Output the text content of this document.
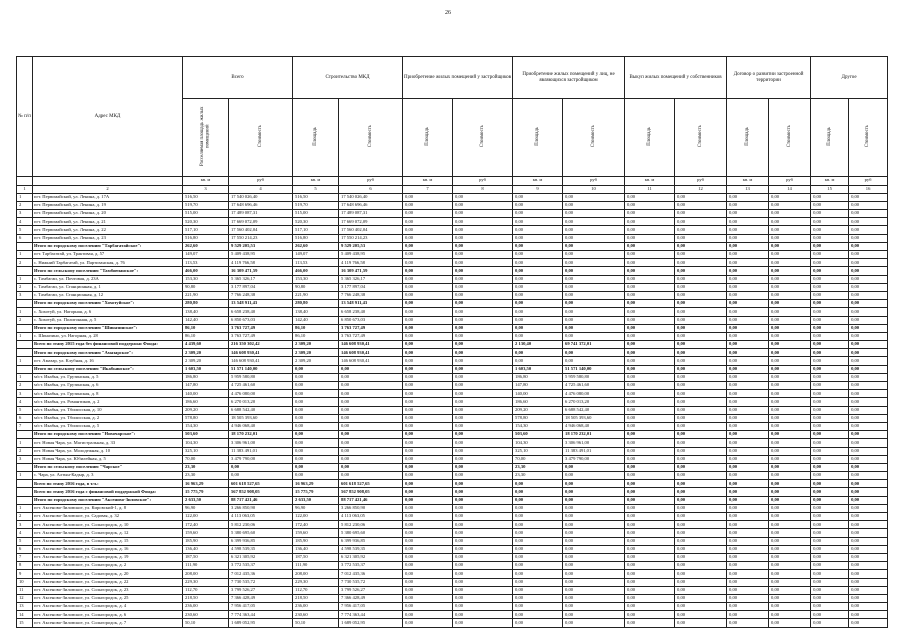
26
№ п/п	Адрес МКД	Всего		Строительство МКД		Приобретение жилых помещений у застройщиков		Приобретение жилых помещений у лиц, не являющихся застройщиком		Выкуп жилых помещений у собственников		Договор о развитии застроенной территории		Другое	
		Расселяемая площадь жилых помещений	Стоимость	Площадь	Стоимость	Площадь	Стоимость	Площадь	Стоимость	Площадь	Стоимость	Площадь	Стоимость	Площадь	Стоимость
		кв. м	руб	кв. м	руб	кв. м	руб	кв. м	руб	кв. м	руб	кв. м	руб	кв. м	руб
1	2	3	4	5	6	7	8	9	10	11	12	13	14	15	16
1	пгт. Первомайский, ул. Ленина, д. 17А	516,50	17 540 026,40	516,50	17 540 026,40	0,00	0,00	0,00	0,00	0,00	0,00	0,00	0,00	0,00	0,00
2	пгт. Первомайский, ул. Ленина, д. 19	519,70	17 648 696,46	519,70	17 648 696,46	0,00	0,00	0,00	0,00	0,00	0,00	0,00	0,00	0,00	0,00
3	пгт. Первомайский, ул. Ленина, д. 20	515,00	17 489 087,31	515,00	17 489 087,31	0,00	0,00	0,00	0,00	0,00	0,00	0,00	0,00	0,00	0,00
4	пгт. Первомайский, ул. Ленина, д. 21	520,30	17 669 072,09	520,30	17 669 072,09	0,00	0,00	0,00	0,00	0,00	0,00	0,00	0,00	0,00	0,00
5	пгт. Первомайский, ул. Ленина, д. 22	517,10	17 560 402,04	517,10	17 560 402,04	0,00	0,00	0,00	0,00	0,00	0,00	0,00	0,00	0,00	0,00
6	пгт. Первомайский, ул. Ленина, д. 23	516,80	17 550 214,23	516,80	17 550 214,23	0,00	0,00	0,00	0,00	0,00	0,00	0,00	0,00	0,00	0,00
	Итого по городскому поселению "Тарбагатайское":	262,60	9 529 205,53	262,60	9 529 205,53	0,00	0,00	0,00	0,00	0,00	0,00	0,00	0,00	0,00	0,00
1	пгт. Тарбагатай, ул. Трактовая, д. 57	149,07	5 409 438,95	149,07	5 409 438,95	0,00	0,00	0,00	0,00	0,00	0,00	0,00	0,00	0,00	0,00
2	с. Нижний Тарбагатай, ул. Партизанская, д. 76	113,53	4 119 766,58	113,53	4 119 766,58	0,00	0,00	0,00	0,00	0,00	0,00	0,00	0,00	0,00	0,00
	Итого по сельскому поселению "Тамбовчанское":	466,00	16 309 471,59	466,00	16 309 471,59	0,00	0,00	0,00	0,00	0,00	0,00	0,00	0,00	0,00	0,00
1	с. Тамбагаи, ул. Почтовая, д. 23А	153,30	5 365 326,17	153,30	5 365 326,17	0,00	0,00	0,00	0,00	0,00	0,00	0,00	0,00	0,00	0,00
2	с. Тамбагаи, ул. Станционная, д. 1	90,80	3 177 897,04	90,80	3 177 897,04	0,00	0,00	0,00	0,00	0,00	0,00	0,00	0,00	0,00	0,00
3	с. Тамбагаи, ул. Станционная, д. 12	221,90	7 766 248,38	221,90	7 766 248,38	0,00	0,00	0,00	0,00	0,00	0,00	0,00	0,00	0,00	0,00
	Итого по городскому поселению "Хохотуйское":	280,80	13 548 911,43	280,80	13 548 911,43	0,00	0,00	0,00	0,00	0,00	0,00	0,00	0,00	0,00	0,00
1	с. Хохотуй, ул. Нагорная, д. 6	138,40	6 658 238,40	138,40	6 658 238,40	0,00	0,00	0,00	0,00	0,00	0,00	0,00	0,00	0,00	0,00
2	с. Хохотуй, ул. Полигонная, д. 5	142,40	6 850 673,03	142,40	6 850 673,03	0,00	0,00	0,00	0,00	0,00	0,00	0,00	0,00	0,00	0,00
	Итого по городскому поселению "Шиназинское":	86,10	3 763 727,49	86,10	3 763 727,49	0,00	0,00	0,00	0,00	0,00	0,00	0,00	0,00	0,00	0,00
1	с. Шиназино, ул. Нагорная, д. 28	86,10	3 763 727,49	86,10	3 763 727,49	0,00	0,00	0,00	0,00	0,00	0,00	0,00	0,00	0,00	0,00
	Всего по этапу 2015 года без финансовой поддержки Фонда:	4 439,60	216 350 302,42	2 309,20	146 608 930,41	0,00	0,00	2 130,40	69 741 372,01	0,00	0,00	0,00	0,00	0,00	0,00
	Итого по городскому поселению "Амазарское":	2 309,20	146 608 930,41	2 309,20	146 608 930,41	0,00	0,00	0,00	0,00	0,00	0,00	0,00	0,00	0,00	0,00
1	пгт. Амазар, ул. Клубная, д. 16	2 309,20	146 608 930,41	2 309,20	146 608 930,41	0,00	0,00	0,00	0,00	0,00	0,00	0,00	0,00	0,00	0,00
	Итого по сельскому поселению "Икабьинское":	1 603,50	51 571 140,00	0,00	0,00	0,00	0,00	1 603,50	51 571 140,00	0,00	0,00	0,00	0,00	0,00	0,00
1	м/ст. Икабья, ул. Грузинская, д. 5	186,80	5 959 580,80	0,00	0,00	0,00	0,00	186,80	5 959 580,80	0,00	0,00	0,00	0,00	0,00	0,00
2	м/ст. Икабья, ул. Грузинская, д. 6	147,80	4 725 461,60	0,00	0,00	0,00	0,00	147,80	4 725 461,60	0,00	0,00	0,00	0,00	0,00	0,00
3	м/ст. Икабья, ул. Грузинская, д. 8	140,00	4 476 080,00	0,00	0,00	0,00	0,00	140,00	4 476 080,00	0,00	0,00	0,00	0,00	0,00	0,00
4	м/ст. Икабья, ул. Романтиков, д. 2	186,60	6 270 013,20	0,00	0,00	0,00	0,00	186,60	6 270 013,20	0,00	0,00	0,00	0,00	0,00	0,00
5	м/ст. Икабья, ул. Тбилисская, д. 10	209,20	6 688 542,40	0,00	0,00	0,00	0,00	209,20	6 688 542,40	0,00	0,00	0,00	0,00	0,00	0,00
6	м/ст. Икабья, ул. Тбилисская, д. 2	578,80	18 505 393,60	0,00	0,00	0,00	0,00	578,80	18 505 393,60	0,00	0,00	0,00	0,00	0,00	0,00
7	м/ст. Икабья, ул. Тбилисская, д. 5	154,30	4 946 068,40	0,00	0,00	0,00	0,00	154,30	4 946 068,40	0,00	0,00	0,00	0,00	0,00	0,00
	Итого по городскому поселению "Новочарское":	503,60	18 170 232,01	0,00	0,00	0,00	0,00	503,60	18 170 232,01	0,00	0,00	0,00	0,00	0,00	0,00
1	пгт. Новая Чара, ул. Магистральная, д. 33	104,30	3 306 961,00	0,00	0,00	0,00	0,00	104,30	3 306 961,00	0,00	0,00	0,00	0,00	0,00	0,00
2	пгт. Новая Чара, ул. Молодежная, д. 10	325,10	11 383 491,01	0,00	0,00	0,00	0,00	325,10	11 383 491,01	0,00	0,00	0,00	0,00	0,00	0,00
3	пгт. Новая Чара, ул. Юбилейная, д. 5	70,00	3 479 790,00	0,00	0,00	0,00	0,00	70,00	3 479 790,00	0,00	0,00	0,00	0,00	0,00	0,00
	Итого по сельскому поселению "Чарское"	23,30	0,00	0,00	0,00	0,00	0,00	23,30	0,00	0,00	0,00	0,00	0,00	0,00	0,00
1	с. Чара, ул. Алтын-Кадыр, д. 3	23,30	0,00	0,00	0,00	0,00	0,00	23,30	0,00	0,00	0,00	0,00	0,00	0,00	0,00
	Всего по этапу 2016 года, в т.ч.:	16 963,29	601 618 527,65	16 963,29	601 618 527,65	0,00	0,00	0,00	0,00	0,00	0,00	0,00	0,00	0,00	0,00
	Всего по этапу 2016 года с финансовой поддержкой Фонда:	15 775,79	567 852 908,05	15 775,79	567 852 908,05	0,00	0,00	0,00	0,00	0,00	0,00	0,00	0,00	0,00	0,00
	Итого по городскому поселению "Аксеново-Зиловское":	2 633,50	88 717 421,46	2 633,50	88 717 421,46	0,00	0,00	0,00	0,00	0,00	0,00	0,00	0,00	0,00	0,00
1	пгт. Аксеново-Зиловское, ул. Кировский-1, д. 8	96,90	3 266 850,90	96,90	3 266 850,90	0,00	0,00	0,00	0,00	0,00	0,00	0,00	0,00	0,00	0,00
2	пгт. Аксеново-Зиловское, ул. Садовая, д. 32	122,00	4 113 063,05	122,00	4 113 063,05	0,00	0,00	0,00	0,00	0,00	0,00	0,00	0,00	0,00	0,00
3	пгт. Аксеново-Зиловское, ул. Солнгородок, д. 10	172,40	5 812 230,06	172,40	5 812 230,06	0,00	0,00	0,00	0,00	0,00	0,00	0,00	0,00	0,00	0,00
4	пгт. Аксеново-Зиловское, ул. Солнгородок, д. 12	159,60	5 380 695,60	159,60	5 380 695,60	0,00	0,00	0,00	0,00	0,00	0,00	0,00	0,00	0,00	0,00
5	пгт. Аксеново-Зиловское, ул. Солнгородок, д. 15	185,90	6 399 936,85	185,90	6 399 936,85	0,00	0,00	0,00	0,00	0,00	0,00	0,00	0,00	0,00	0,00
6	пгт. Аксеново-Зиловское, ул. Солнгородок, д. 16	136,40	4 598 539,35	136,40	4 598 539,35	0,00	0,00	0,00	0,00	0,00	0,00	0,00	0,00	0,00	0,00
7	пгт. Аксеново-Зиловское, ул. Солнгородок, д. 19	187,50	6 321 305,92	187,50	6 321 305,92	0,00	0,00	0,00	0,00	0,00	0,00	0,00	0,00	0,00	0,00
8	пгт. Аксеново-Зиловское, ул. Солнгородок, д. 2	111,90	3 772 535,37	111,90	3 772 535,37	0,00	0,00	0,00	0,00	0,00	0,00	0,00	0,00	0,00	0,00
9	пгт. Аксеново-Зиловское, ул. Солнгородок, д. 20	208,00	7 012 435,36	208,00	7 012 435,36	0,00	0,00	0,00	0,00	0,00	0,00	0,00	0,00	0,00	0,00
10	пгт. Аксеново-Зиловское, ул. Солнгородок, д. 22	229,30	7 730 535,72	229,30	7 730 535,72	0,00	0,00	0,00	0,00	0,00	0,00	0,00	0,00	0,00	0,00
11	пгт. Аксеново-Зиловское, ул. Солнгородок, д. 23	112,70	3 799 526,27	112,70	3 799 526,27	0,00	0,00	0,00	0,00	0,00	0,00	0,00	0,00	0,00	0,00
12	пгт. Аксеново-Зиловское, ул. Солнгородок, д. 25	218,50	7 366 428,49	218,50	7 366 428,49	0,00	0,00	0,00	0,00	0,00	0,00	0,00	0,00	0,00	0,00
13	пгт. Аксеново-Зиловское, ул. Солнгородок, д. 4	236,00	7 956 417,05	236,00	7 956 417,05	0,00	0,00	0,00	0,00	0,00	0,00	0,00	0,00	0,00	0,00
14	пгт. Аксеново-Зиловское, ул. Солнгородок, д. 6	230,60	7 774 363,44	230,60	7 774 363,44	0,00	0,00	0,00	0,00	0,00	0,00	0,00	0,00	0,00	0,00
15	пгт. Аксеново-Зиловское, ул. Солнгородок, д. 7	50,10	1 689 052,95	50,10	1 689 052,95	0,00	0,00	0,00	0,00	0,00	0,00	0,00	0,00	0,00	0,00
